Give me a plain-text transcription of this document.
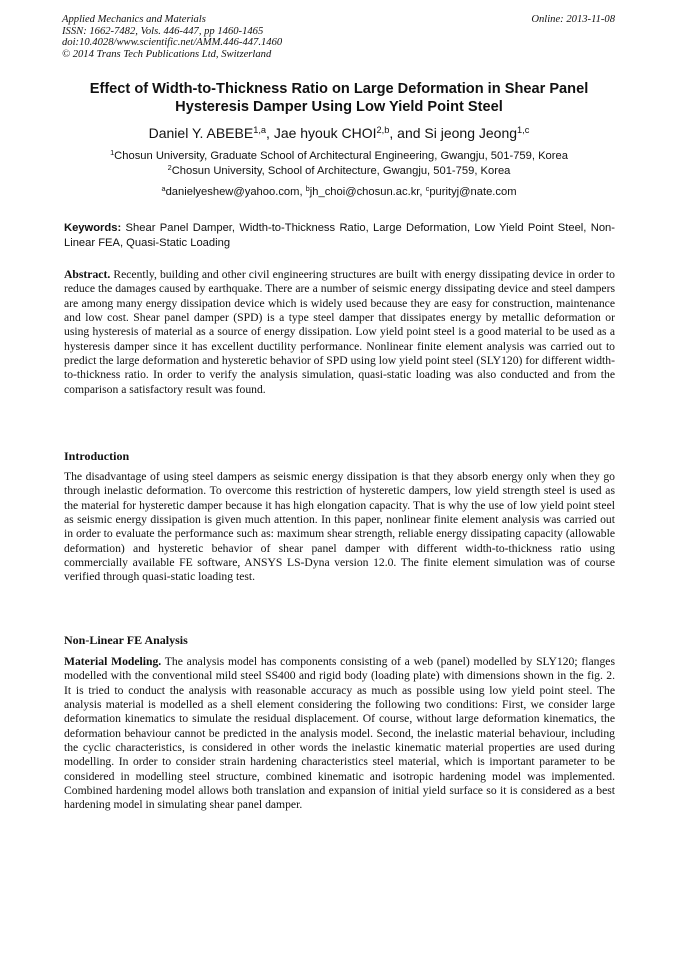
Applied Mechanics and Materials
ISSN: 1662-7482, Vols. 446-447, pp 1460-1465
doi:10.4028/www.scientific.net/AMM.446-447.1460
© 2014 Trans Tech Publications Ltd, Switzerland
Online: 2013-11-08
Effect of Width-to-Thickness Ratio on Large Deformation in Shear Panel
Hysteresis Damper Using Low Yield Point Steel
Daniel Y. ABEBE$^{1,a}$, Jae hyouk CHOI$^{2,b}$, and Si jeong Jeong$^{1,c}$
$^1$Chosun University, Graduate School of Architectural Engineering, Gwangju, 501-759, Korea
$^2$Chosun University, School of Architecture, Gwangju, 501-759, Korea
$^a$danielyeshew@yahoo.com, $^b$jh_choi@chosun.ac.kr, $^c$purityj@nate.com
Keywords: Shear Panel Damper, Width-to-Thickness Ratio, Large Deformation, Low Yield Point Steel, Non-Linear FEA, Quasi-Static Loading
Abstract. Recently, building and other civil engineering structures are built with energy dissipating device in order to reduce the damages caused by earthquake. There are a number of seismic energy dissipating device and steel dampers are among many energy dissipation device which is widely used because they are easy for construction, maintenance and low cost. Shear panel damper (SPD) is a type steel damper that dissipates energy by metallic deformation or using hysteresis of material as a source of energy dissipation. Low yield point steel is a good material to be used as a hysteresis damper since it has excellent ductility performance. Nonlinear finite element analysis was carried out to predict the large deformation and hysteretic behavior of SPD using low yield point steel (SLY120) for different width-to-thickness ratio. In order to verify the analysis simulation, quasi-static loading was also conducted and from the comparison a satisfactory result was found.
Introduction
The disadvantage of using steel dampers as seismic energy dissipation is that they absorb energy only when they go through inelastic deformation. To overcome this restriction of hysteretic dampers, low yield strength steel is used as the material for hysteretic damper because it has high elongation capacity. That is why the use of low yield point steel as seismic energy dissipation is given much attention. In this paper, nonlinear finite element analysis was carried out in order to evaluate the performance such as: maximum shear strength, reliable energy dissipating capacity (allowable deformation) and hysteretic behavior of shear panel damper with different width-to-thickness ratio using commercially available FE software, ANSYS LS-Dyna version 12.0. The finite element simulation was of course verified through quasi-static loading test.
Non-Linear FE Analysis
Material Modeling. The analysis model has components consisting of a web (panel) modelled by SLY120; flanges modelled with the conventional mild steel SS400 and rigid body (loading plate) with dimensions shown in the fig. 2. It is tried to conduct the analysis with reasonable accuracy as much as possible using low yield point steel. The analysis material is modelled as a shell element considering the following two conditions: First, we consider large deformation kinematics to simulate the residual displacement. Of course, without large deformation kinematics, the deformation behaviour cannot be predicted in the analysis model. Second, the inelastic material behaviour, including the cyclic characteristics, is considered in other words the inelastic kinematic material properties are used during modelling. In order to consider strain hardening characteristics steel material, which is important parameter to be considered in modelling steel structure, combined kinematic and isotropic hardening model was implemented. Combined hardening model allows both translation and expansion of initial yield surface so it is considered as a best hardening model in simulating shear panel damper.
